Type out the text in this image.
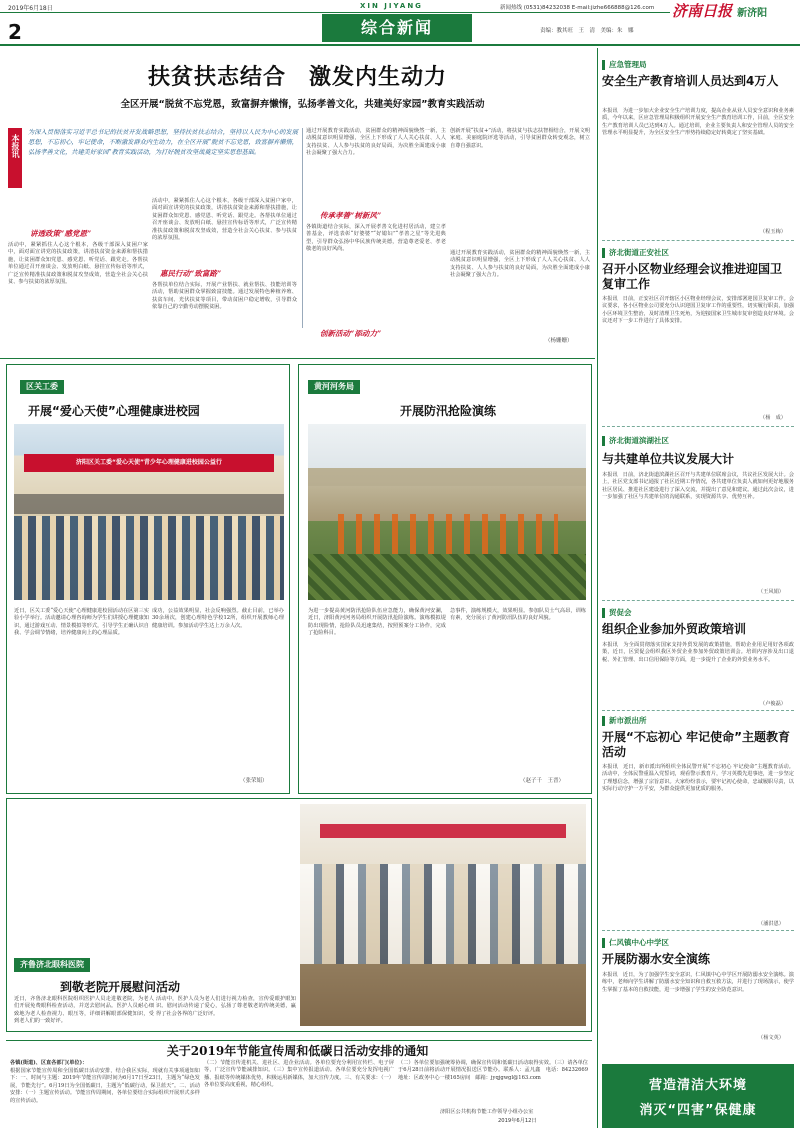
2019年6月18日	XIN JIYANG	新闻热线 (0531)84232038 E-mail:jizhe666888@126.com 济南日报 新济阳
2	综合新闻	责编：教其旺　王　清　美编：朱　娜
扶贫扶志结合　激发内生动力
全区开展“脱贫不忘党恩，致富摒弃懒惰，弘扬孝善文化，共建美好家园”教育实践活动
本报讯
为深入贯彻落实习近平总书记的扶贫开发战略思想，坚持扶贫扶志结合，坚持以人民为中心的发展思想，不忘初心，牢记使命，不断激发群众内生动力，在全区开展“脱贫不忘党恩，致富摒弃懒惰，弘扬孝善文化，共建美好家园”教育实践活动，为打好脱贫攻坚战奠定坚实思想基础。
讲透政策“感党恩”
活动中，紧紧抓住人心这个根本，各级干部深入贫困户家中，面对面宣讲党的扶贫政策，讲清扶贫资金来源和帮扶措施，让贫困群众知党恩、感党恩、听党话、跟党走。各帮扶单位通过召开座谈会、发放明白纸、悬挂宣传标语等形式，广泛宣传精准扶贫政策和脱贫攻坚成效，营造全社会关心扶贫、参与扶贫的浓厚氛围。
惠民行动“致富路”
各帮扶单位结合实际，开展产业帮扶、就业帮扶、技能培训等活动，帮助贫困群众掌握致富技能。通过发展特色种植养殖、扶贫车间、光伏扶贫等项目，带动贫困户稳定增收，引导群众依靠自己的辛勤劳动摆脱贫困。
活动中，紧紧抓住人心这个根本，各级干部深入贫困户家中，面对面宣讲党的扶贫政策，讲清扶贫资金来源和帮扶措施，让贫困群众知党恩、感党恩、听党话、跟党走。各帮扶单位通过召开座谈会、发放明白纸、悬挂宣传标语等形式，广泛宣传精准扶贫政策和脱贫攻坚成效，营造全社会关心扶贫、参与扶贫的浓厚氛围。
通过开展教育实践活动，贫困群众的精神面貌焕然一新，主动脱贫意识明显增强，全区上下形成了人人关心扶贫、人人支持扶贫、人人参与扶贫的良好局面，为决胜全面建成小康社会凝聚了强大合力。
传承孝善“树新风”
各镇街道结合实际，深入开展孝善文化进村居活动，建立孝善基金，评选表彰“好婆婆”“好媳妇”“孝善之星”等先进典型，引导群众弘扬中华民族传统美德，营造尊老爱老、孝老敬老的良好风尚。
创新活动“添动力”
创新开展“扶贫+”活动，将扶贫与扶志扶智相结合，开展文明家庭、美丽庭院评选等活动，引导贫困群众转变观念，树立自尊自强意识。
通过开展教育实践活动，贫困群众的精神面貌焕然一新，主动脱贫意识明显增强，全区上下形成了人人关心扶贫、人人支持扶贫、人人参与扶贫的良好局面，为决胜全面建成小康社会凝聚了强大合力。
（杨姗姗）
区关工委
开展“爱心天使”心理健康进校园
济阳区关工委“爱心天使”青少年心理健康进校园公益行
近日，区关工委“爱心天使”心理健康进校园活动在区第三实验小学举行。活动邀请心理咨询师为学生们讲授心理健康知识，通过游戏互动、情景模拟等形式，引导学生正确认识自我、学会调节情绪，培养健康向上的心理品质。
成功，公益效果明显，社会反响强烈。截止目前，已举办30余场次，创建心理特色学校12所，组织开展教师心理健康培训。参加活动学生达上万余人次。
（张荣娟）
黄河河务局
开展防汛抢险演练
为进一步提高黄河防汛抢险队伍应急能力，确保黄河安澜，近日，济阳黄河河务局组织开展防汛抢险演练。演练模拟堤防出现险情，抢险队员迅速集结，按照预案分工协作，完成了抢险科目。
急事件，演练规模大，效果明显。参加队员士气高昂，训练有素，充分展示了黄河防汛队伍的良好风貌。
（赵子千　王晋）
齐鲁济北眼科医院
到敬老院开展慰问活动
近日，齐鲁济北眼科医院组织医护人员走进敬老院，为老人们开展免费眼科检查活动，并送去慰问品。医护人员耐心细致地为老人检查视力、眼压等，详细讲解眼部保健知识，受到老人们的一致好评。
活动中，医护人员为老人们进行视力检查，宣传爱眼护眼知识。慰问活动传递了爱心，弘扬了尊老敬老的传统美德，赢得了社会各界的广泛好评。
关于2019年节能宣传周和低碳日活动安排的通知
各镇(街道)、区直各部门(单位)：
根据国家节能宣传周和全国低碳日活动安排，结合我区实际，现就有关事项通知如下：一、时间与主题：2019年节能宣传周时间为6月17日至23日，主题为“绿色发展，节能先行”。6月19日为全国低碳日，主题为“低碳行动，保卫蓝天”。二、活动安排：（一）主题宣传活动。节能宣传周期间，各单位要结合实际组织开展形式多样的宣传活动。
（二）节能宣传进机关、进社区、进企业活动。各单位要充分利用宣传栏、电子屏等，广泛宣传节能减排知识。（三）集中宣传报道活动。各单位要充分发挥电视广播、报纸等传统媒体优势，积极运用新媒体，加大宣传力度。三、有关要求：（一）各单位要高度重视，精心组织。
（二）各单位要加强统筹协调，确保宣传周和低碳日活动取得实效。（三）请各单位于6月28日前将活动开展情况报送区节能办。联系人：孟凡鑫　电话：84232669　地址：区政务中心一楼165房间　邮箱：jyqjgwgl@163.com
济阳区公共机构节能工作领导小组办公室
2019年6月12日
应急管理局
安全生产教育培训人员达到4万人
本报讯　为进一步加大企业安全生产培训力度，提高企业从业人员安全意识和业务素质，今年以来，区应急管理局积极组织开展安全生产教育培训工作，目前，全区安全生产教育培训人员已达到4万人。通过培训，企业主要负责人和安全管理人员的安全管理水平明显提升，为全区安全生产形势持续稳定好转奠定了坚实基础。
（程玉梅）
济北街道正安社区
召开小区物业经理会议推进迎国卫复审工作
本报讯　日前，正安社区召开辖区小区物业经理会议，安排部署迎国卫复审工作。会议要求，各小区物业公司要充分认识迎国卫复审工作的重要性，切实履行职责，加强小区环境卫生整治，及时清理卫生死角，为迎接国家卫生城市复审创造良好环境。会议还对下一步工作进行了具体安排。
（杨　成）
济北街道滨湖社区
与共建单位共议发展大计
本报讯　日前，济北街道滨湖社区召开与共建单位联席会议，共议社区发展大计。会上，社区党支部书记通报了社区近期工作情况，各共建单位负责人就如何更好地服务社区居民、推进社区建设进行了深入交流，并提出了意见和建议。通过此次会议，进一步加强了社区与共建单位的沟通联系，实现资源共享、优势互补。
（王风娟）
贸促会
组织企业参加外贸政策培训
本报讯　为全面贯彻落实国家支持外贸发展的政策措施，帮助企业用足用好各项政策，近日，区贸促会组织我区外贸企业参加外贸政策培训会。培训内容涉及出口退税、外汇管理、出口信用保险等方面，进一步提升了企业的外贸业务水平。
（卢俊磊）
新市派出所
开展“不忘初心 牢记使命”主题教育活动
本报讯　近日，新市派出所组织全体民警开展“不忘初心 牢记使命”主题教育活动。活动中，全体民警重温入党誓词，观看警示教育片，学习英模先进事迹，进一步坚定了理想信念，增强了宗旨意识。大家纷纷表示，要牢记初心使命，忠诚履职尽责，以实际行动守护一方平安，为群众提供更加优质的服务。
（潘洪恩）
仁风镇中心中学区
开展防溺水安全演练
本报讯　近日，为了加强学生安全意识，仁风镇中心中学区开展防溺水安全演练。演练中，老师向学生讲解了防溺水安全知识和自救互救方法，并进行了现场演示，使学生掌握了基本的自救技能，进一步增强了学生的安全防范意识。
（杨文英）
营造清洁大环境
消灭“四害”保健康
